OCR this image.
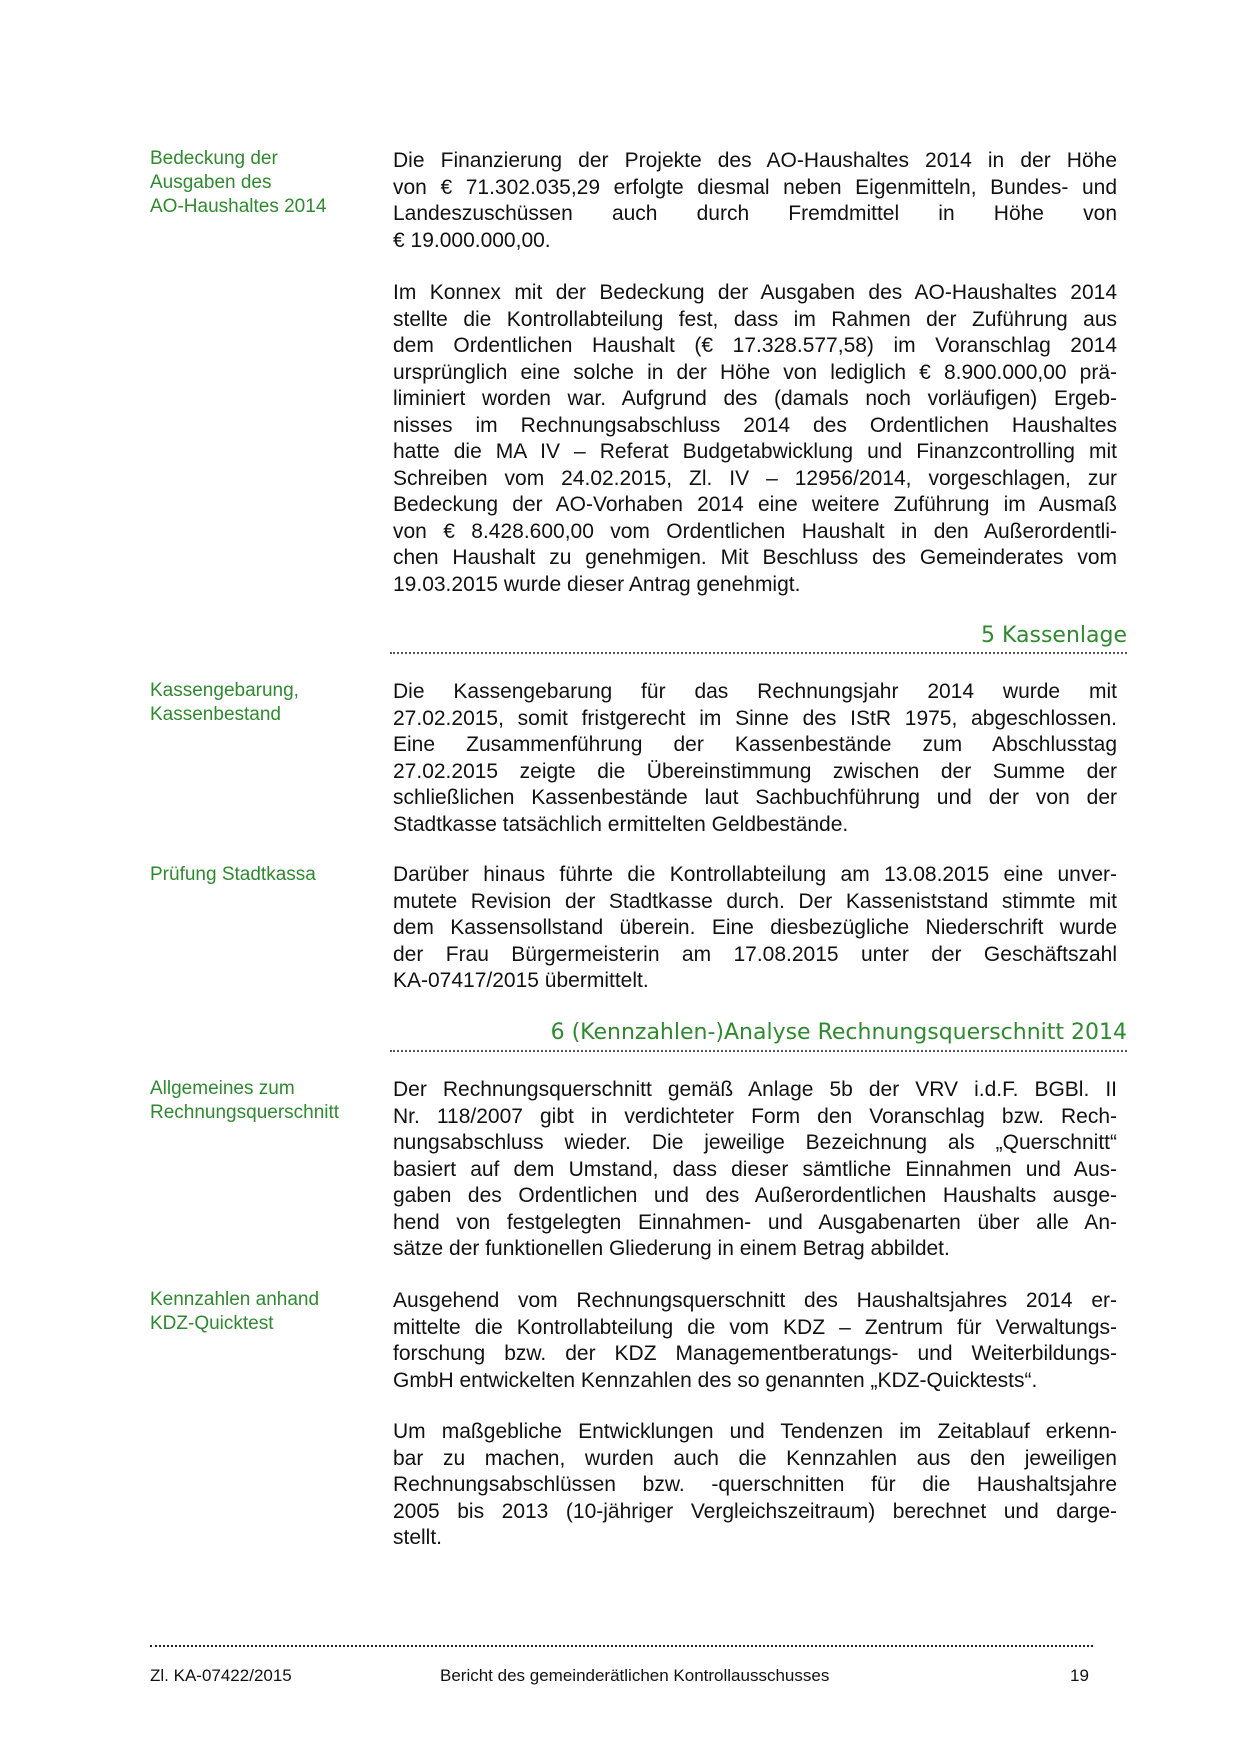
Bedeckung der
Ausgaben des
AO-Haushaltes 2014
Die Finanzierung der Projekte des AO-Haushaltes 2014 in der Höhe
von € 71.302.035,29 erfolgte diesmal neben Eigenmitteln, Bundes- und
Landeszuschüssen auch durch Fremdmittel in Höhe von
€ 19.000.000,00.
Im Konnex mit der Bedeckung der Ausgaben des AO-Haushaltes 2014
stellte die Kontrollabteilung fest, dass im Rahmen der Zuführung aus
dem Ordentlichen Haushalt (€ 17.328.577,58) im Voranschlag 2014
ursprünglich eine solche in der Höhe von lediglich € 8.900.000,00 prä-
liminiert worden war. Aufgrund des (damals noch vorläufigen) Ergeb-
nisses im Rechnungsabschluss 2014 des Ordentlichen Haushaltes
hatte die MA IV – Referat Budgetabwicklung und Finanzcontrolling mit
Schreiben vom 24.02.2015, Zl. IV – 12956/2014, vorgeschlagen, zur
Bedeckung der AO-Vorhaben 2014 eine weitere Zuführung im Ausmaß
von € 8.428.600,00 vom Ordentlichen Haushalt in den Außerordentli-
chen Haushalt zu genehmigen. Mit Beschluss des Gemeinderates vom
19.03.2015 wurde dieser Antrag genehmigt.
5 Kassenlage
Kassengebarung,
Kassenbestand
Die Kassengebarung für das Rechnungsjahr 2014 wurde mit
27.02.2015, somit fristgerecht im Sinne des IStR 1975, abgeschlossen.
Eine Zusammenführung der Kassenbestände zum Abschlusstag
27.02.2015 zeigte die Übereinstimmung zwischen der Summe der
schließlichen Kassenbestände laut Sachbuchführung und der von der
Stadtkasse tatsächlich ermittelten Geldbestände.
Prüfung Stadtkassa	Darüber hinaus führte die Kontrollabteilung am 13.08.2015 eine unver-
mutete Revision der Stadtkasse durch. Der Kasseniststand stimmte mit
dem Kassensollstand überein. Eine diesbezügliche Niederschrift wurde
der Frau Bürgermeisterin am 17.08.2015 unter der Geschäftszahl
KA-07417/2015 übermittelt.
6 (Kennzahlen-)Analyse Rechnungsquerschnitt 2014
Allgemeines zum
Rechnungsquerschnitt
Der Rechnungsquerschnitt gemäß Anlage 5b der VRV i.d.F. BGBl. II
Nr. 118/2007 gibt in verdichteter Form den Voranschlag bzw. Rech-
nungsabschluss wieder. Die jeweilige Bezeichnung als „Querschnitt“
basiert auf dem Umstand, dass dieser sämtliche Einnahmen und Aus-
gaben des Ordentlichen und des Außerordentlichen Haushalts ausge-
hend von festgelegten Einnahmen- und Ausgabenarten über alle An-
sätze der funktionellen Gliederung in einem Betrag abbildet.
Kennzahlen anhand
KDZ-Quicktest
Ausgehend vom Rechnungsquerschnitt des Haushaltsjahres 2014 er-
mittelte die Kontrollabteilung die vom KDZ – Zentrum für Verwaltungs-
forschung bzw. der KDZ Managementberatungs- und Weiterbildungs-
GmbH entwickelten Kennzahlen des so genannten „KDZ-Quicktests“.
Um maßgebliche Entwicklungen und Tendenzen im Zeitablauf erkenn-
bar zu machen, wurden auch die Kennzahlen aus den jeweiligen
Rechnungsabschlüssen bzw. -querschnitten für die Haushaltsjahre
2005 bis 2013 (10-jähriger Vergleichszeitraum) berechnet und darge-
stellt.
Zl. KA-07422/2015	Bericht des gemeinderätlichen Kontrollausschusses	19
